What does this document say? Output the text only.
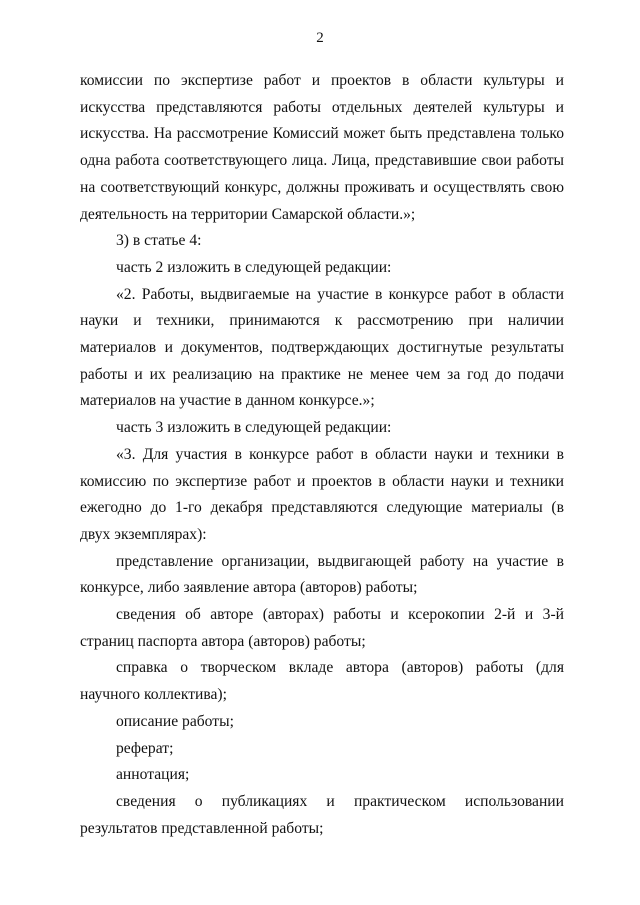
2

комиссии по экспертизе работ и проектов в области культуры и искусства представляются работы отдельных деятелей культуры и искусства. На рассмотрение Комиссий может быть представлена только одна работа соответствующего лица. Лица, представившие свои работы на соответствующий конкурс, должны проживать и осуществлять свою деятельность на территории Самарской области.»;

3) в статье 4:

часть 2 изложить в следующей редакции:

«2. Работы, выдвигаемые на участие в конкурсе работ в области науки и техники, принимаются к рассмотрению при наличии материалов и документов, подтверждающих достигнутые результаты работы и их реализацию на практике не менее чем за год до подачи материалов на участие в данном конкурсе.»;

часть 3 изложить в следующей редакции:

«3. Для участия в конкурсе работ в области науки и техники в комиссию по экспертизе работ и проектов в области науки и техники ежегодно до 1-го декабря представляются следующие материалы (в двух экземплярах):

представление организации, выдвигающей работу на участие в конкурсе, либо заявление автора (авторов) работы;

сведения об авторе (авторах) работы и ксерокопии 2-й и 3-й страниц паспорта автора (авторов) работы;

справка о творческом вкладе автора (авторов) работы (для научного коллектива);

описание работы;

реферат;

аннотация;

сведения о публикациях и практическом использовании результатов представленной работы;
